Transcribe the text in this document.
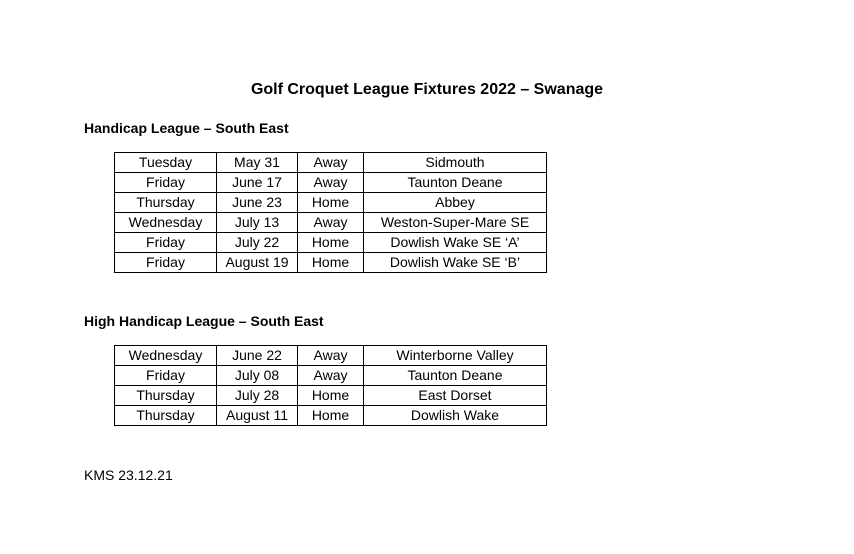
Golf Croquet League Fixtures 2022 – Swanage
Handicap League – South East
Tuesday	May 31	Away	Sidmouth
Friday	June 17	Away	Taunton Deane
Thursday	June 23	Home	Abbey
Wednesday	July 13	Away	Weston-Super-Mare SE
Friday	July 22	Home	Dowlish Wake SE ‘A’
Friday	August 19	Home	Dowlish Wake SE ‘B’
High Handicap League – South East
Wednesday	June 22	Away	Winterborne Valley
Friday	July 08	Away	Taunton Deane
Thursday	July 28	Home	East Dorset
Thursday	August 11	Home	Dowlish Wake

KMS 23.12.21
